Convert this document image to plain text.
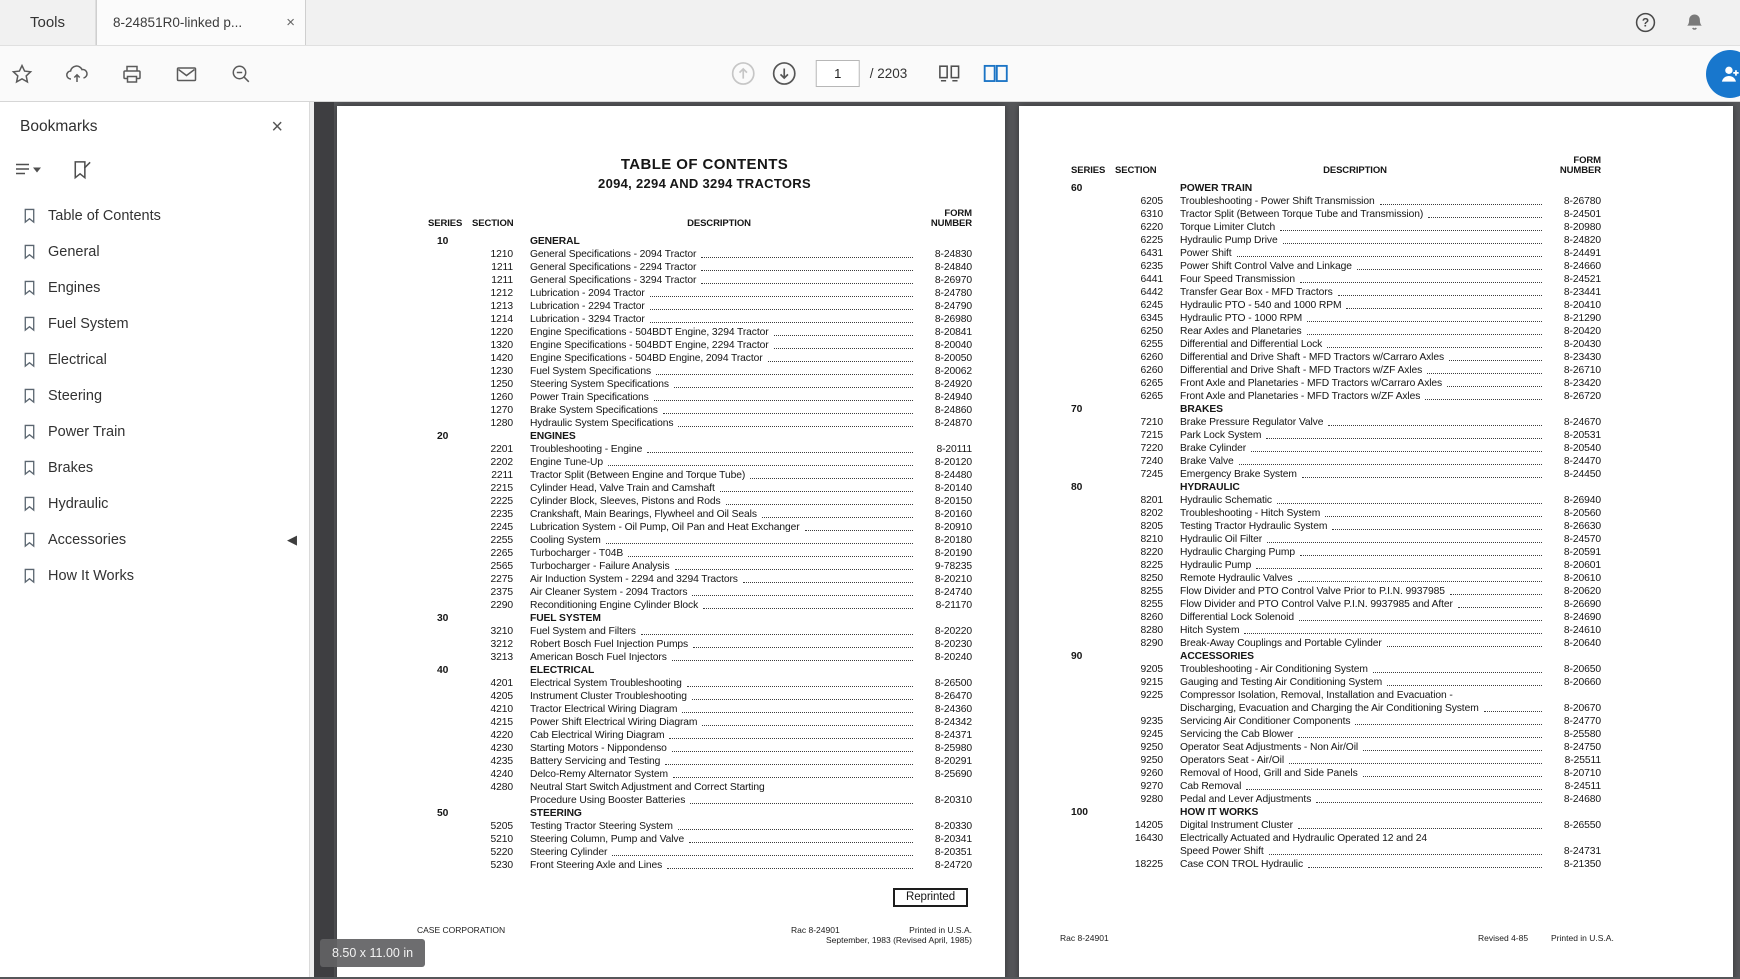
Tools	8-24851R0-linked p...	×	?
1
/ 2203
Bookmarks	×
Table of Contents
General
Engines
Fuel System
Electrical
Steering
Power Train
Brakes
Hydraulic
Accessories
How It Works
◀
TABLE OF CONTENTS
2094, 2294 AND 3294 TRACTORS
SERIES	SECTION	DESCRIPTION
FORM
NUMBER
10	GENERAL
1210 General Specifications - 2094 Tractor	8-24830
1211 General Specifications - 2294 Tractor	8-24840
1211 General Specifications - 3294 Tractor	8-26970
1212 Lubrication - 2094 Tractor	8-24780
1213 Lubrication - 2294 Tractor	8-24790
1214 Lubrication - 3294 Tractor	8-26980
1220 Engine Specifications - 504BDT Engine, 3294 Tractor	8-20841
1320 Engine Specifications - 504BDT Engine, 2294 Tractor	8-20040
1420 Engine Specifications - 504BD Engine, 2094 Tractor	8-20050
1230 Fuel System Specifications	8-20062
1250 Steering System Specifications	8-24920
1260 Power Train Specifications	8-24940
1270 Brake System Specifications	8-24860
1280 Hydraulic System Specifications	8-24870
20	ENGINES
2201 Troubleshooting - Engine	8-20111
2202 Engine Tune-Up	8-20120
2211 Tractor Split (Between Engine and Torque Tube)	8-24480
2215 Cylinder Head, Valve Train and Camshaft	8-20140
2225 Cylinder Block, Sleeves, Pistons and Rods	8-20150
2235 Crankshaft, Main Bearings, Flywheel and Oil Seals	8-20160
2245 Lubrication System - Oil Pump, Oil Pan and Heat Exchanger	8-20910
2255 Cooling System	8-20180
2265 Turbocharger - T04B	8-20190
2565 Turbocharger - Failure Analysis	9-78235
2275 Air Induction System - 2294 and 3294 Tractors	8-20210
2375 Air Cleaner System - 2094 Tractors	8-24740
2290 Reconditioning Engine Cylinder Block	8-21170
30	FUEL SYSTEM
3210 Fuel System and Filters	8-20220
3212 Robert Bosch Fuel Injection Pumps	8-20230
3213 American Bosch Fuel Injectors	8-20240
40	ELECTRICAL
4201 Electrical System Troubleshooting	8-26500
4205 Instrument Cluster Troubleshooting	8-26470
4210 Tractor Electrical Wiring Diagram	8-24360
4215 Power Shift Electrical Wiring Diagram	8-24342
4220 Cab Electrical Wiring Diagram	8-24371
4230 Starting Motors - Nippondenso	8-25980
4235 Battery Servicing and Testing	8-20291
4240 Delco-Remy Alternator System	8-25690
4280 Neutral Start Switch Adjustment and Correct Starting
Procedure Using Booster Batteries	8-20310
50	STEERING
5205 Testing Tractor Steering System	8-20330
5210 Steering Column, Pump and Valve	8-20341
5220 Steering Cylinder	8-20351
5230 Front Steering Axle and Lines	8-24720
Reprinted
CASE CORPORATION	Rac 8-24901	Printed in U.S.A.
September, 1983 (Revised April, 1985)
SERIES	SECTION	DESCRIPTION
FORM
NUMBER
60	POWER TRAIN
6205 Troubleshooting - Power Shift Transmission	8-26780
6310 Tractor Split (Between Torque Tube and Transmission)	8-24501
6220 Torque Limiter Clutch	8-20980
6225 Hydraulic Pump Drive	8-24820
6431 Power Shift	8-24491
6235 Power Shift Control Valve and Linkage	8-24660
6441 Four Speed Transmission	8-24521
6442 Transfer Gear Box - MFD Tractors	8-23441
6245 Hydraulic PTO - 540 and 1000 RPM	8-20410
6345 Hydraulic PTO - 1000 RPM	8-21290
6250 Rear Axles and Planetaries	8-20420
6255 Differential and Differential Lock	8-20430
6260 Differential and Drive Shaft - MFD Tractors w/Carraro Axles	8-23430
6260 Differential and Drive Shaft - MFD Tractors w/ZF Axles	8-26710
6265 Front Axle and Planetaries - MFD Tractors w/Carraro Axles	8-23420
6265 Front Axle and Planetaries - MFD Tractors w/ZF Axles	8-26720
70	BRAKES
7210 Brake Pressure Regulator Valve	8-24670
7215 Park Lock System	8-20531
7220 Brake Cylinder	8-20540
7240 Brake Valve	8-24470
7245 Emergency Brake System	8-24450
80	HYDRAULIC
8201 Hydraulic Schematic	8-26940
8202 Troubleshooting - Hitch System	8-20560
8205 Testing Tractor Hydraulic System	8-26630
8210 Hydraulic Oil Filter	8-24570
8220 Hydraulic Charging Pump	8-20591
8225 Hydraulic Pump	8-20601
8250 Remote Hydraulic Valves	8-20610
8255 Flow Divider and PTO Control Valve Prior to P.I.N. 9937985	8-20620
8255 Flow Divider and PTO Control Valve P.I.N. 9937985 and After	8-26690
8260 Differential Lock Solenoid	8-24690
8280 Hitch System	8-24610
8290 Break-Away Couplings and Portable Cylinder	8-20640
90	ACCESSORIES
9205 Troubleshooting - Air Conditioning System	8-20650
9215 Gauging and Testing Air Conditioning System	8-20660
9225 Compressor Isolation, Removal, Installation and Evacuation -
Discharging, Evacuation and Charging the Air Conditioning System	8-20670
9235 Servicing Air Conditioner Components	8-24770
9245 Servicing the Cab Blower	8-25580
9250 Operator Seat Adjustments - Non Air/Oil	8-24750
9250 Operators Seat - Air/Oil	8-25511
9260 Removal of Hood, Grill and Side Panels	8-20710
9270 Cab Removal	8-24511
9280 Pedal and Lever Adjustments	8-24680
100	HOW IT WORKS
14205 Digital Instrument Cluster	8-26550
16430 Electrically Actuated and Hydraulic Operated 12 and 24
Speed Power Shift	8-24731
18225 Case CON TROL Hydraulic	8-21350
Rac 8-24901	Revised 4-85	Printed in U.S.A.
8.50 x 11.00 in
